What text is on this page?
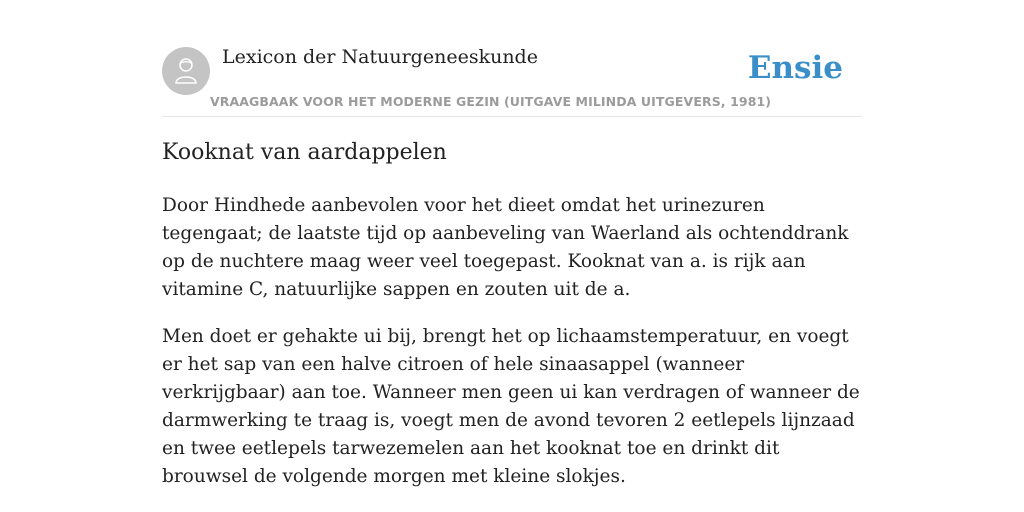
Lexicon der Natuurgeneeskunde
VRAAGBAAK VOOR HET MODERNE GEZIN (UITGAVE MILINDA UITGEVERS, 1981)
Ensie
Kooknat van aardappelen

Door Hindhede aanbevolen voor het dieet omdat het urinezuren tegengaat; de laatste tijd op aanbeveling van Waerland als ochtenddrank op de nuchtere maag weer veel toegepast. Kooknat van a. is rijk aan vitamine C, natuurlijke sappen en zouten uit de a.

Men doet er gehakte ui bij, brengt het op lichaamstemperatuur, en voegt er het sap van een halve citroen of hele sinaasappel (wanneer verkrijgbaar) aan toe. Wanneer men geen ui kan verdragen of wanneer de darmwerking te traag is, voegt men de avond tevoren 2 eetlepels lijnzaad en twee eetlepels tarwezemelen aan het kooknat toe en drinkt dit brouwsel de volgende morgen met kleine slokjes.
